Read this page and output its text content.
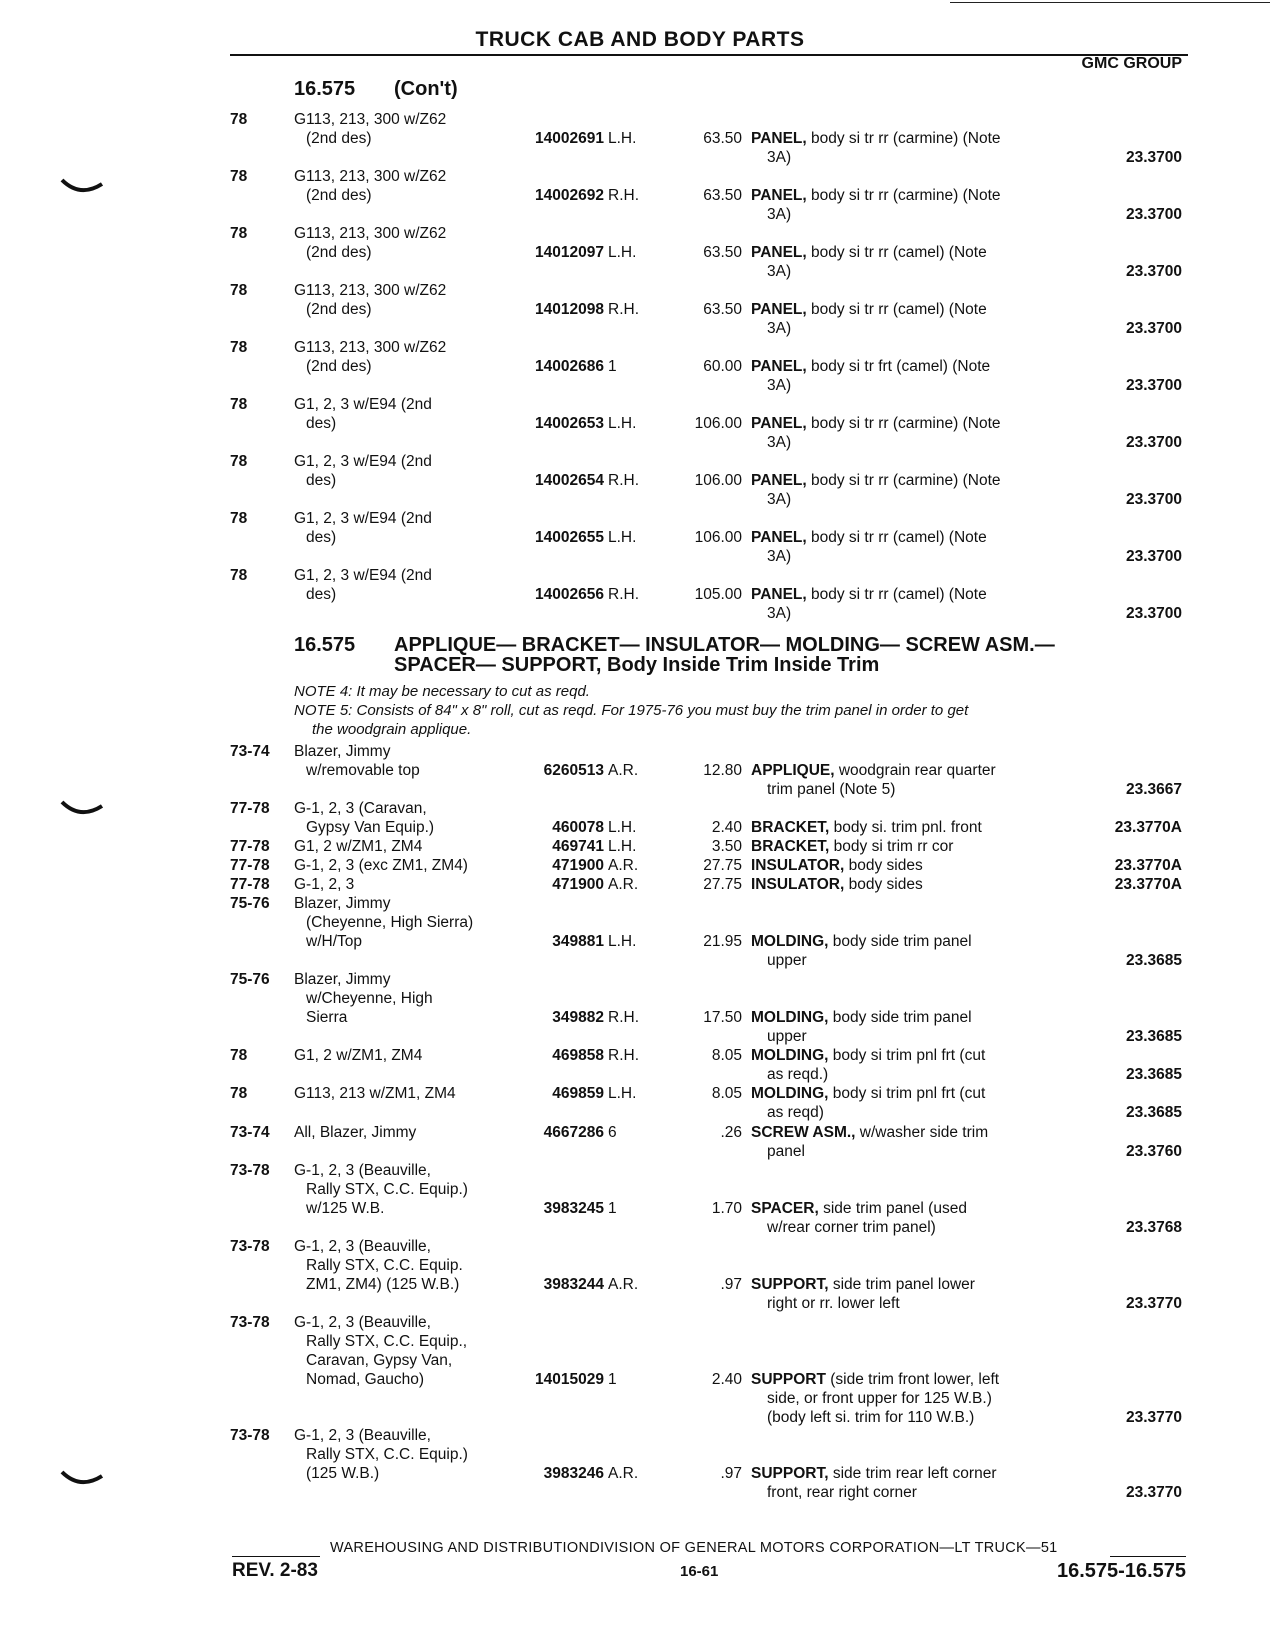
TRUCK CAB AND BODY PARTS
GMC GROUP
16.575 (Con't)
78	G113, 213, 300 w/Z62
(2nd des)	14002691 L.H.	63.50 PANEL, body si tr rr (carmine) (Note
3A)	23.3700
78	G113, 213, 300 w/Z62
(2nd des)	14002692 R.H.	63.50 PANEL, body si tr rr (carmine) (Note
3A)	23.3700
78	G113, 213, 300 w/Z62
(2nd des)	14012097 L.H.	63.50 PANEL, body si tr rr (camel) (Note
3A)	23.3700
78	G113, 213, 300 w/Z62
(2nd des)	14012098 R.H.	63.50 PANEL, body si tr rr (camel) (Note
3A)	23.3700
78	G113, 213, 300 w/Z62
(2nd des)	14002686 1	60.00 PANEL, body si tr frt (camel) (Note
3A)	23.3700
78	G1, 2, 3 w/E94 (2nd
des)	14002653 L.H.	106.00 PANEL, body si tr rr (carmine) (Note
3A)	23.3700
78	G1, 2, 3 w/E94 (2nd
des)	14002654 R.H.	106.00 PANEL, body si tr rr (carmine) (Note
3A)	23.3700
78	G1, 2, 3 w/E94 (2nd
des)	14002655 L.H.	106.00 PANEL, body si tr rr (camel) (Note
3A)	23.3700
78	G1, 2, 3 w/E94 (2nd
des)	14002656 R.H.	105.00 PANEL, body si tr rr (camel) (Note
3A)	23.3700
16.575 APPLIQUE— BRACKET— INSULATOR— MOLDING— SCREW ASM.—
SPACER— SUPPORT, Body Inside Trim Inside Trim
NOTE 4: It may be necessary to cut as reqd.
NOTE 5: Consists of 84" x 8" roll, cut as reqd. For 1975-76 you must buy the trim panel in order to get
the woodgrain applique.
73-74 Blazer, Jimmy
w/removable top	6260513 A.R.	12.80 APPLIQUE, woodgrain rear quarter
trim panel (Note 5)	23.3667
77-78 G-1, 2, 3 (Caravan,
Gypsy Van Equip.)	460078 L.H.	2.40 BRACKET, body si. trim pnl. front	23.3770A
77-78 G1, 2 w/ZM1, ZM4	469741 L.H.	3.50 BRACKET, body si trim rr cor
77-78 G-1, 2, 3 (exc ZM1, ZM4)	471900 A.R.	27.75 INSULATOR, body sides	23.3770A
77-78 G-1, 2, 3	471900 A.R.	27.75 INSULATOR, body sides	23.3770A
75-76 Blazer, Jimmy
(Cheyenne, High Sierra)
w/H/Top	349881 L.H.	21.95 MOLDING, body side trim panel
upper	23.3685
75-76 Blazer, Jimmy
w/Cheyenne, High
Sierra	349882 R.H.	17.50 MOLDING, body side trim panel
upper	23.3685
78	G1, 2 w/ZM1, ZM4	469858 R.H.	8.05 MOLDING, body si trim pnl frt (cut
as reqd.)	23.3685
78	G113, 213 w/ZM1, ZM4	469859 L.H.	8.05 MOLDING, body si trim pnl frt (cut
as reqd)	23.3685
73-74 All, Blazer, Jimmy	4667286 6	.26 SCREW ASM., w/washer side trim
panel	23.3760
73-78 G-1, 2, 3 (Beauville,
Rally STX, C.C. Equip.)
w/125 W.B.	3983245 1	1.70 SPACER, side trim panel (used
w/rear corner trim panel)	23.3768
73-78 G-1, 2, 3 (Beauville,
Rally STX, C.C. Equip.
ZM1, ZM4) (125 W.B.)	3983244 A.R.	.97 SUPPORT, side trim panel lower
right or rr. lower left	23.3770
73-78 G-1, 2, 3 (Beauville,
Rally STX, C.C. Equip.,
Caravan, Gypsy Van,
Nomad, Gaucho)	14015029 1	2.40 SUPPORT (side trim front lower, left
side, or front upper for 125 W.B.)
(body left si. trim for 110 W.B.)	23.3770
73-78 G-1, 2, 3 (Beauville,
Rally STX, C.C. Equip.)
(125 W.B.)	3983246 A.R.	.97 SUPPORT, side trim rear left corner
front, rear right corner	23.3770
WAREHOUSING AND DISTRIBUTIONDIVISION OF GENERAL MOTORS CORPORATION—LT TRUCK—51
REV. 2-83	16-61	16.575-16.575
